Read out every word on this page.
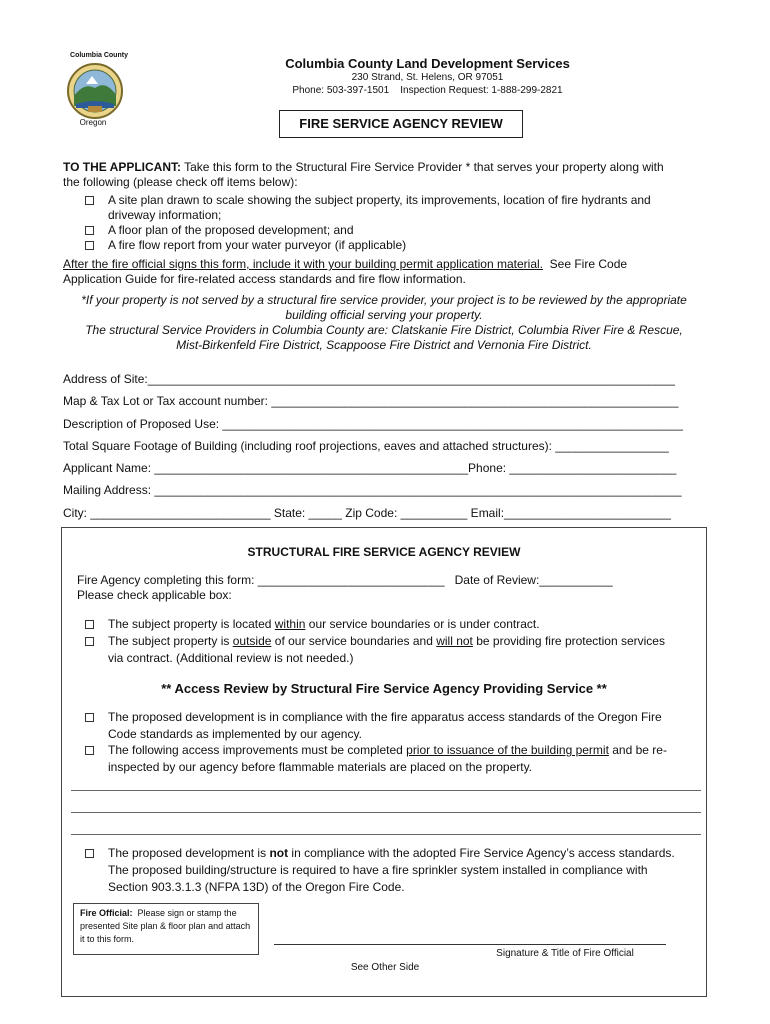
Columbia County
Oregon
Columbia County Land Development Services
230 Strand, St. Helens, OR 97051
Phone: 503-397-1501    Inspection Request: 1-888-299-2821
FIRE SERVICE AGENCY REVIEW
TO THE APPLICANT: Take this form to the Structural Fire Service Provider * that serves your property along with
the following (please check off items below):
A site plan drawn to scale showing the subject property, its improvements, location of fire hydrants and
driveway information;
A floor plan of the proposed development; and
A fire flow report from your water purveyor (if applicable)
After the fire official signs this form, include it with your building permit application material.  See Fire Code
Application Guide for fire-related access standards and fire flow information.
*If your property is not served by a structural fire service provider, your project is to be reviewed by the appropriate
building official serving your property.
The structural Service Providers in Columbia County are: Clatskanie Fire District, Columbia River Fire & Rescue,
Mist-Birkenfeld Fire District, Scappoose Fire District and Vernonia Fire District.
Address of Site:_______________________________________________________________________________
Map & Tax Lot or Tax account number: _____________________________________________________________
Description of Proposed Use: _____________________________________________________________________
Total Square Footage of Building (including roof projections, eaves and attached structures): _________________
Applicant Name: _______________________________________________Phone: _________________________
Mailing Address: _______________________________________________________________________________
City: ___________________________ State: _____ Zip Code: __________ Email:_________________________
STRUCTURAL FIRE SERVICE AGENCY REVIEW
Fire Agency completing this form: ____________________________   Date of Review:___________
Please check applicable box:
The subject property is located within our service boundaries or is under contract.
The subject property is outside of our service boundaries and will not be providing fire protection services
via contract. (Additional review is not needed.)
** Access Review by Structural Fire Service Agency Providing Service **
The proposed development is in compliance with the fire apparatus access standards of the Oregon Fire
Code standards as implemented by our agency.
The following access improvements must be completed prior to issuance of the building permit and be re-
inspected by our agency before flammable materials are placed on the property.
The proposed development is not in compliance with the adopted Fire Service Agency’s access standards.
The proposed building/structure is required to have a fire sprinkler system installed in compliance with
Section 903.3.1.3 (NFPA 13D) of the Oregon Fire Code.
Fire Official:  Please sign or stamp the presented Site plan & floor plan and attach it to this form.
Signature & Title of Fire Official
See Other Side
